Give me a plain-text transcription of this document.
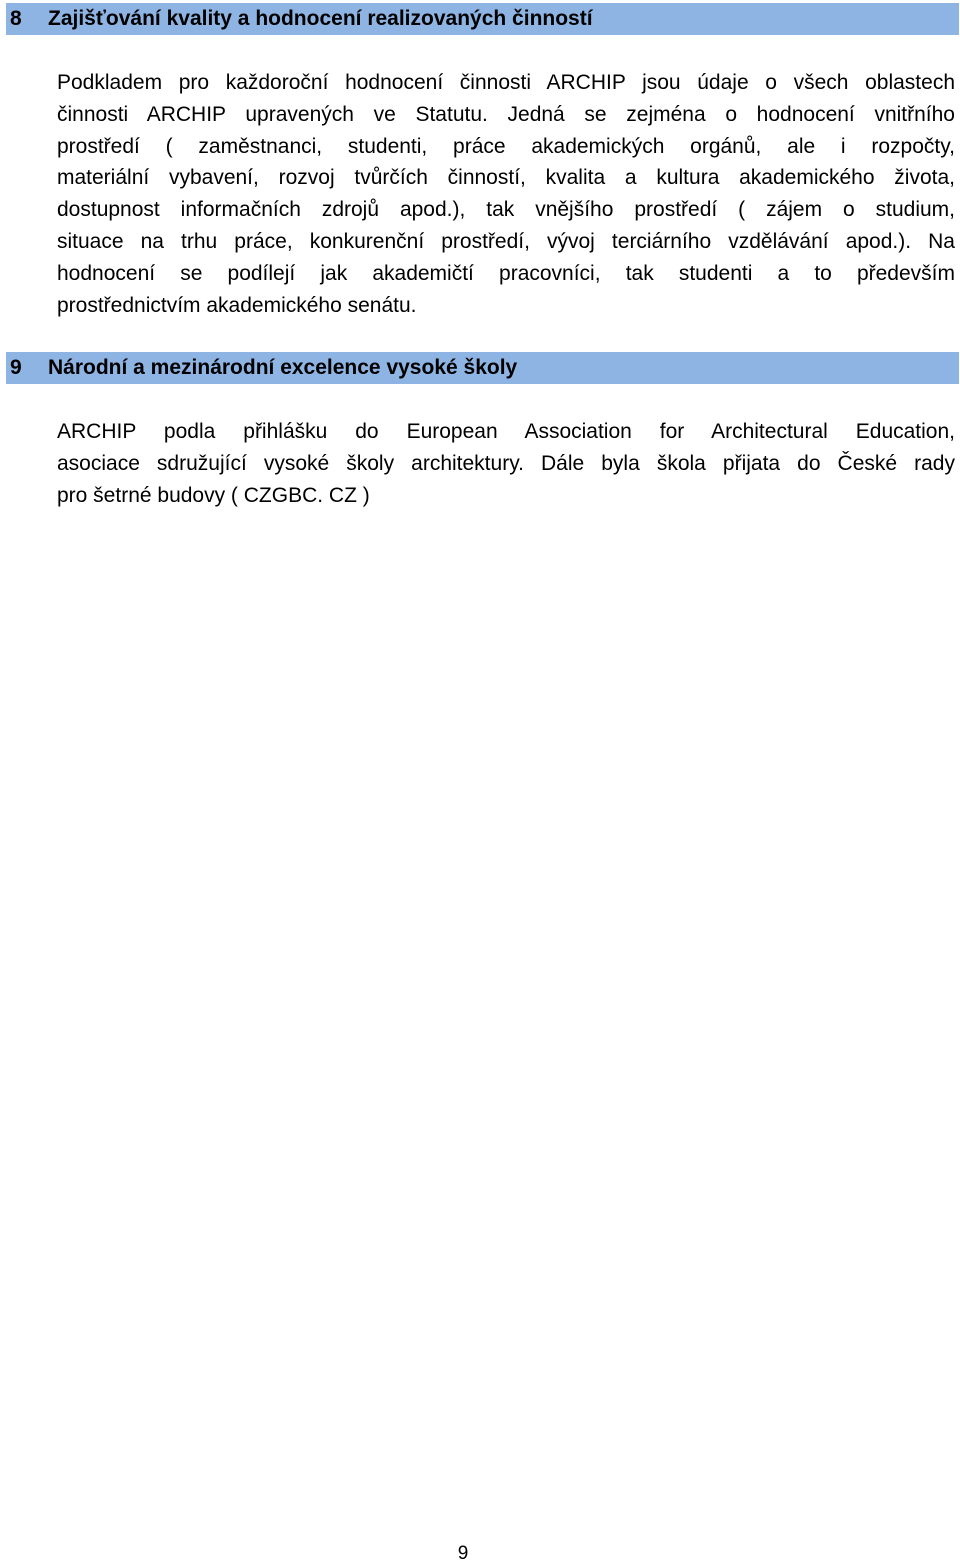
8	Zajišťování kvality a hodnocení realizovaných činností
Podkladem pro každoroční hodnocení činnosti ARCHIP jsou údaje o všech oblastech
činnosti ARCHIP upravených ve Statutu. Jedná se zejména o hodnocení vnitřního
prostředí ( zaměstnanci, studenti, práce akademických orgánů, ale i rozpočty,
materiální vybavení, rozvoj tvůrčích činností, kvalita a kultura akademického života,
dostupnost informačních zdrojů apod.), tak vnějšího prostředí ( zájem o studium,
situace na trhu práce, konkurenční prostředí, vývoj terciárního vzdělávání apod.). Na
hodnocení se podílejí jak akademičtí pracovníci, tak studenti a to především
prostřednictvím akademického senátu.
9	Národní a mezinárodní excelence vysoké školy
ARCHIP podla přihlášku do European Association for Architectural Education,
asociace sdružující vysoké školy architektury. Dále byla škola přijata do České rady
pro šetrné budovy ( CZGBC. CZ )
9
